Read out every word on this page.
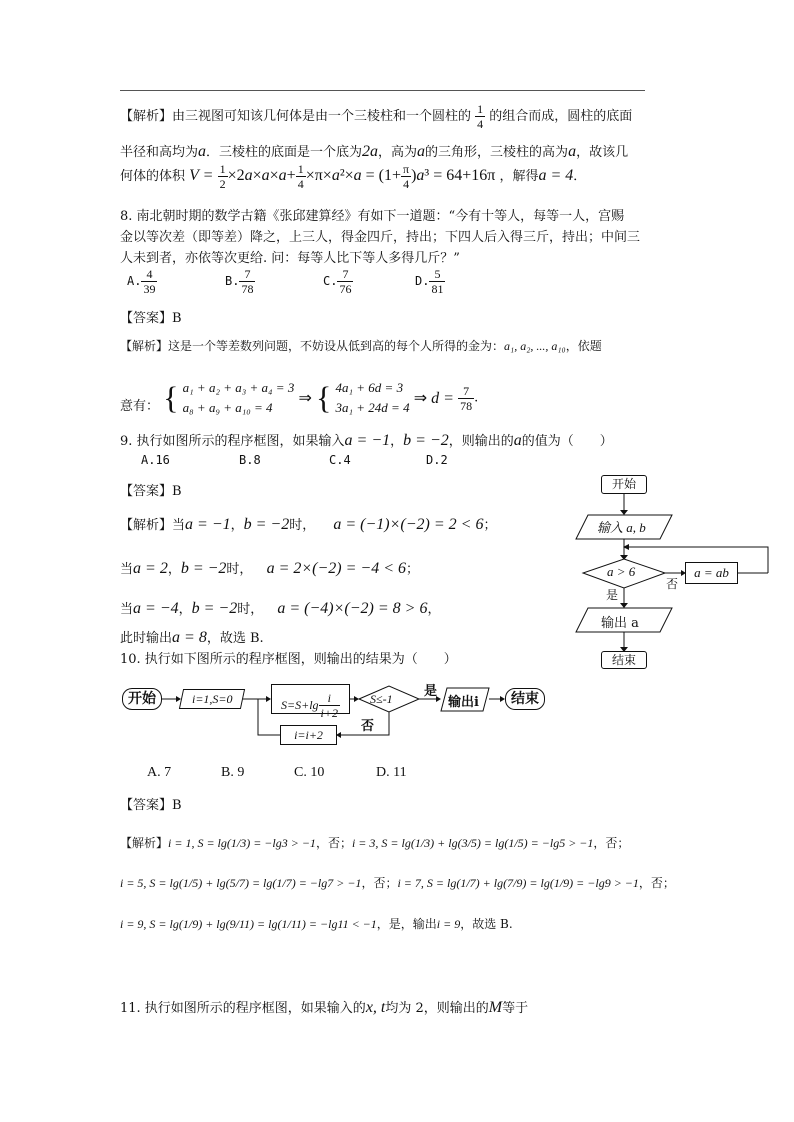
【解析】由三视图可知该几何体是由一个三棱柱和一个圆柱的 $\frac{1}{4}$ 的组合而成，圆柱的底面
半径和高均为a．三棱柱的底面是一个底为2a，高为a的三角形，三棱柱的高为a，故该几
何体的体积 $V = \frac{1}{2} \times 2a\times a\times a+ \frac{1}{4} \times\pi\times a^2\times a = (1+ \frac{\pi}{4} )a^3 = 64+16\pi$ ，解得a = 4．
8. 南北朝时期的数学古籍《张邱建算经》有如下一道题：“今有十等人，每等一人，宫赐
金以等次差（即等差）降之，上三人，得金四斤，持出；下四人后入得三斤，持出；中间三
人未到者，亦依等次更给. 问：每等人比下等人多得几斤？”
A. $\frac{4}{39}$	B. $\frac{7}{78}$	C. $\frac{7}{76}$	D. $\frac{5}{81}$
【答案】B
【解析】这是一个等差数列问题，不妨设从低到高的每个人所得的金为：a₁, a₂, ..., a₁₀，依题
意有： { a₁ + a₂ + a₃ + a₄ = 3
a₈ + a₉ + a₁₀ = 4
⇒ { 4a₁ + 6d = 3
3a₁ + 24d = 4
⇒ $d = \frac{7}{78}$ .
9. 执行如图所示的程序框图，如果输入a = −1，b = −2，则输出的a的值为（　　）
A.16	B.8	C.4	D.2
【答案】B
【解析】当a = −1，b = −2时， a = (−1)×(−2) = 2 < 6；
当a = 2，b = −2时， a = 2×(−2) = −4 < 6；
当a = −4，b = −2时， a = (−4)×(−2) = 8 > 6，
此时输出a = 8，故选 B.
开始
输入 a, b
a > 6	a = ab
否
是
输出 a
结束
10. 执行如下图所示的程序框图，则输出的结果为（　　）
开始	i=1,S=0	$S=S+\lg \frac{i}{i+2}$	S≤-1 是
否
输出i	结束
i=i+2
A. 7	B. 9	C. 10	D. 11
【答案】B
【解析】i = 1, S = lg(1/3) = −lg3 > −1，否；i = 3, S = lg(1/3) + lg(3/5) = lg(1/5) = −lg5 > −1，否；
i = 5, S = lg(1/5) + lg(5/7) = lg(1/7) = −lg7 > −1，否；i = 7, S = lg(1/7) + lg(7/9) = lg(1/9) = −lg9 > −1，否；
i = 9, S = lg(1/9) + lg(9/11) = lg(1/11) = −lg11 < −1，是，输出i = 9，故选 B.
11. 执行如图所示的程序框图，如果输入的x, t均为 2，则输出的M等于
